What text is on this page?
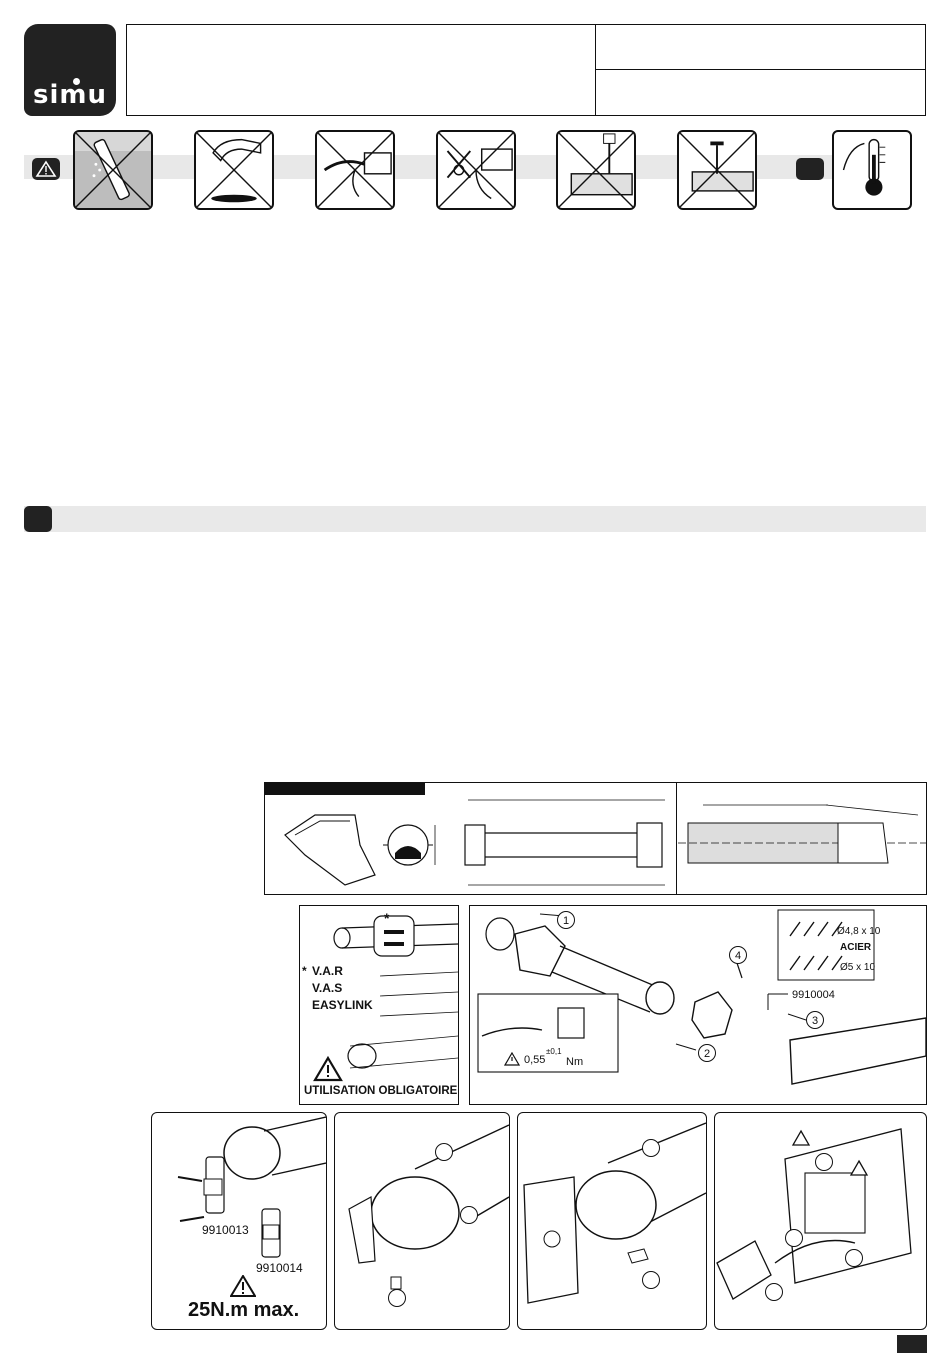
simu
*
* V.A.R
V.A.S
EASYLINK
UTILISATION OBLIGATOIRE
1
2
3
4
Ø4,8 x 10
ACIER
Ø5 x 10
9910004
0,55
±0,1
Nm
9910013
9910014
25N.m max.
